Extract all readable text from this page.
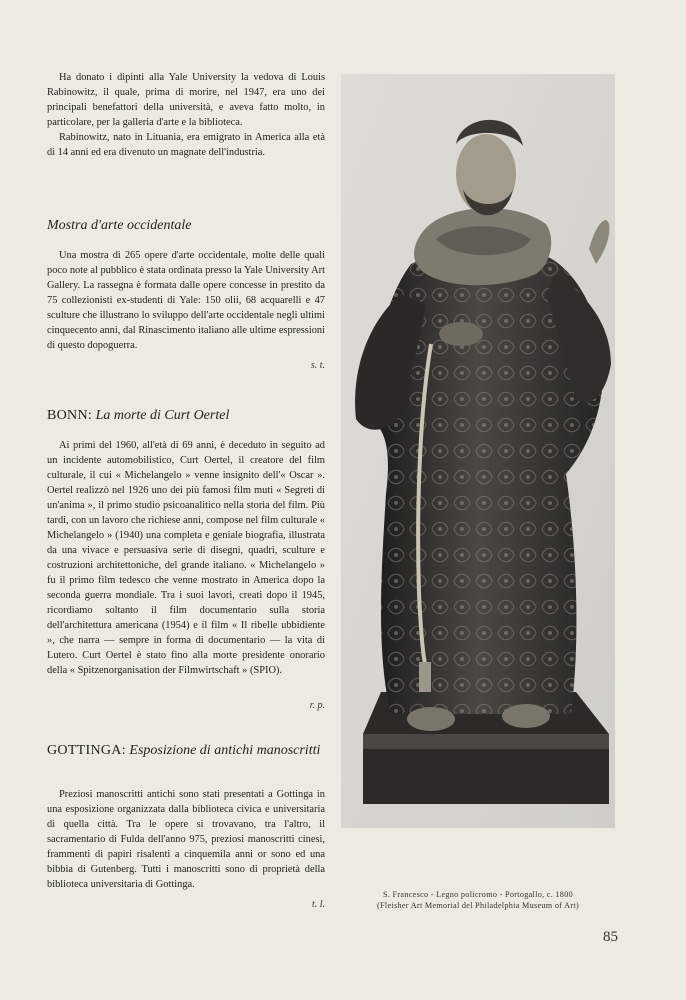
Ha donato i dipinti alla Yale University la vedova di Louis Rabinowitz, il quale, prima di morire, nel 1947, era uno dei principali benefattori della università, e aveva fatto molto, in particolare, per la galleria d'arte e la biblioteca.

Rabinowitz, nato in Lituania, era emigrato in America alla età di 14 anni ed era divenuto un magnate dell'industria.

Mostra d'arte occidentale

Una mostra di 265 opere d'arte occidentale, molte delle quali poco note al pubblico è stata ordinata presso la Yale University Art Gallery. La rassegna è formata dalle opere concesse in prestito da 75 collezionisti ex-studenti di Yale: 150 olii, 68 acquarelli e 47 sculture che illustrano lo sviluppo dell'arte occidentale negli ultimi cinquecento anni, dal Rinascimento italiano alle ultime espressioni di questo dopoguerra.

s. t.
BONN: La morte di Curt Oertel

Ai primi del 1960, all'età di 69 anni, è deceduto in seguito ad un incidente automobilistico, Curt Oertel, il creatore del film culturale, il cui « Michelangelo » venne insignito dell'« Oscar ». Oertel realizzò nel 1926 uno dei più famosi film muti « Segreti di un'anima », il primo studio psicoanalitico nella storia del film. Più tardi, con un lavoro che richiese anni, compose nel film culturale « Michelangelo » (1940) una completa e geniale biografia, illustrata da una vivace e persuasiva serie di disegni, quadri, sculture e costruzioni architettoniche, del grande italiano. « Michelangelo » fu il primo film tedesco che venne mostrato in America dopo la seconda guerra mondiale. Tra i suoi lavori, creati dopo il 1945, ricordiamo soltanto il film documentario sulla storia dell'architettura americana (1954) e il film « Il ribelle ubbidiente », che narra — sempre in forma di documentario — la vita di Lutero. Curt Oertel è stato fino alla morte presidente onorario della « Spitzenorganisation der Filmwirtschaft » (SPIO).

r. p.
GOTTINGA: Esposizione di antichi manoscritti

Preziosi manoscritti antichi sono stati presentati a Gottinga in una esposizione organizzata dalla biblioteca civica e universitaria di quella città. Tra le opere si trovavano, tra l'altro, il sacramentario di Fulda dell'anno 975, preziosi manoscritti cinesi, frammenti di papiri risalenti a cinquemila anni or sono ed una bibbia di Gutenberg. Tutti i manoscritti sono di proprietà della biblioteca universitaria di Gottinga.

t. l.
S. Francesco - Legno policromo - Portogallo, c. 1800
(Fleisher Art Memorial del Philadelphia Museum of Art)
85
